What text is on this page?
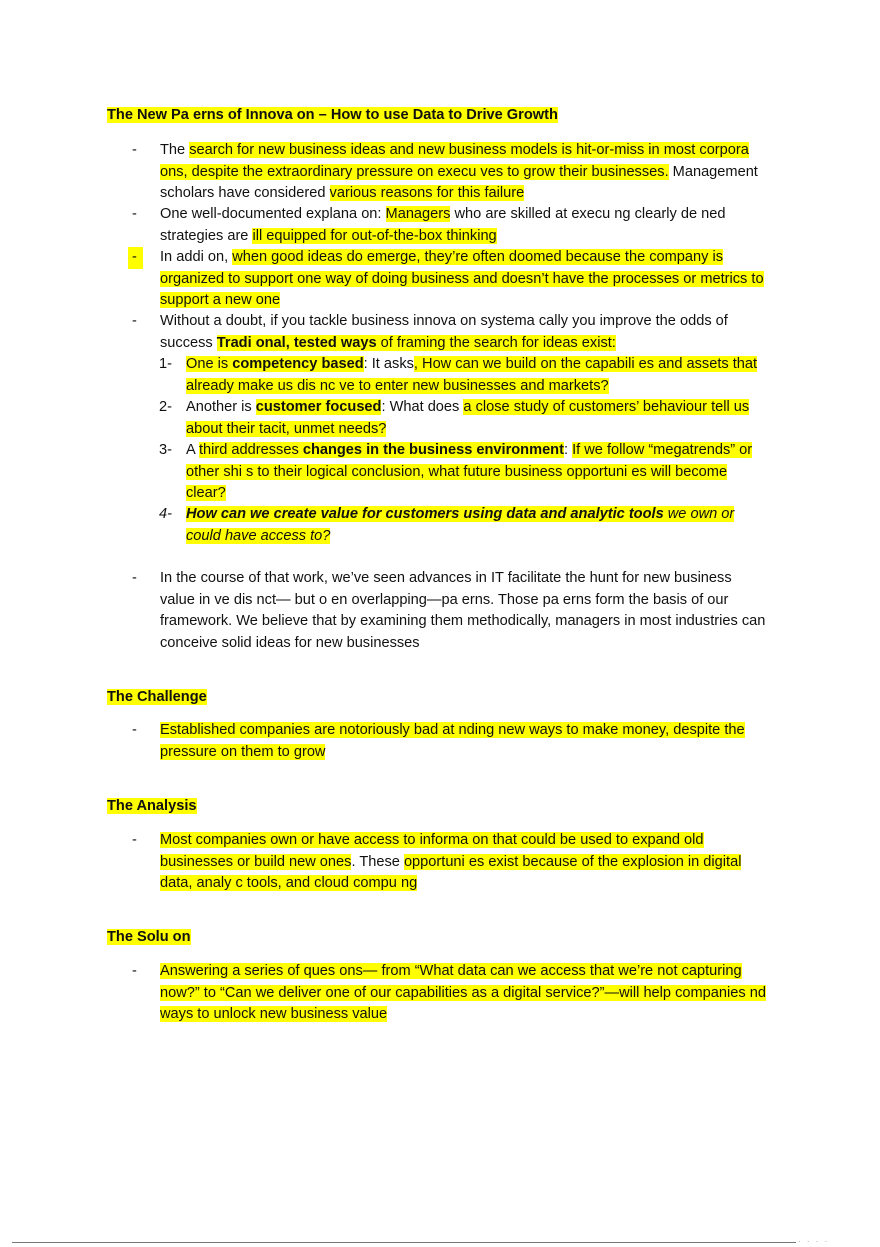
The New Pa erns of Innova on – How to use Data to Drive Growth
- The search for new business ideas and new business models is hit-or-miss in most corpora ons, despite the extraordinary pressure on execu ves to grow their businesses. Management scholars have considered various reasons for this failure
- One well-documented explana on: Managers who are skilled at execu ng clearly de ned strategies are ill equipped for out-of-the-box thinking
-	In addi on, when good ideas do emerge, they’re often doomed because the company is organized to support one way of doing business and doesn’t have the processes or metrics to support a new one
- Without a doubt, if you tackle business innova on systema cally you improve the odds of success Tradi onal, tested ways of framing the search for ideas exist:
1- One is competency based: It asks, How can we build on the capabili es and assets that already make us dis nc ve to enter new businesses and markets?
2- Another is customer focused: What does a close study of customers’ behaviour tell us about their tacit, unmet needs?
3- A third addresses changes in the business environment: If we follow “megatrends” or other shi s to their logical conclusion, what future business opportuni es will become clear?
4- How can we create value for customers using data and analytic tools we own or could have access to?
- In the course of that work, we’ve seen advances in IT facilitate the hunt for new business value in ve dis nct— but o en overlapping—pa erns. Those pa erns form the basis of our framework. We believe that by examining them methodically, managers in most industries can conceive solid ideas for new businesses
The Challenge
- Established companies are notoriously bad at nding new ways to make money, despite the pressure on them to grow
The Analysis
- Most companies own or have access to informa on that could be used to expand old businesses or build new ones. These opportuni es exist because of the explosion in digital data, analy c tools, and cloud compu ng
The Solu on
- Answering a series of ques ons— from “What data can we access that we’re not capturing now?” to “Can we deliver one of our capabilities as a digital service?”—will help companies nd ways to unlock new business value
· · · ·
